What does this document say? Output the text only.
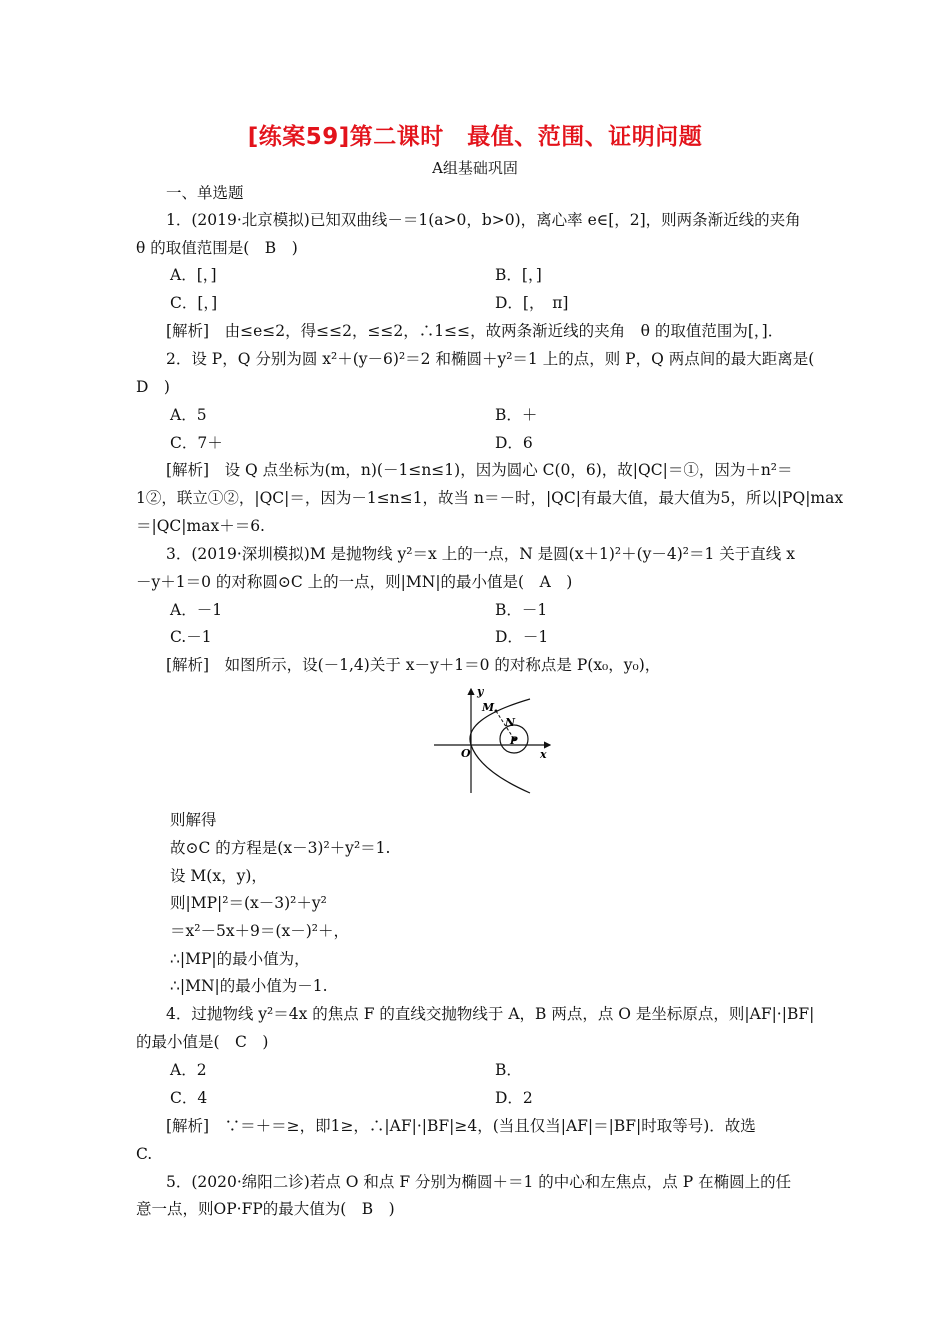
[练案59]第二课时　最值、范围、证明问题
A组基础巩固
一、单选题
1．(2019·北京模拟)已知双曲线－＝1(a>0，b>0)，离心率 e∈[，2]，则两条渐近线的夹角
θ 的取值范围是(　B　)
A．[，]	B．[，]
C．[，]	D．[，　π]
[解析]　由≤e≤2，得≤≤2，≤≤2，∴1≤≤，故两条渐近线的夹角　θ 的取值范围为[，]．
2．设 P，Q 分别为圆 x²＋(y－6)²＝2 和椭圆＋y²＝1 上的点，则 P，Q 两点间的最大距离是(
D　)
A．5	B．＋
C．7＋	D．6
[解析]　设 Q 点坐标为(m，n)(－1≤n≤1)，因为圆心 C(0，6)，故|QC|＝①，因为＋n²＝
1②，联立①②，|QC|＝，因为－1≤n≤1，故当 n＝－时，|QC|有最大值，最大值为5，所以|PQ|max
＝|QC|max＋＝6.
3．(2019·深圳模拟)M 是抛物线 y²＝x 上的一点，N 是圆(x＋1)²＋(y－4)²＝1 关于直线 x
－y＋1＝0 的对称圆⊙C 上的一点，则|MN|的最小值是(　A　)
A．－1	B．－1
C.－1	D．－1
[解析]　如图所示，设(－1,4)关于 x－y＋1＝0 的对称点是 P(x₀，y₀)，
y
x
O
M
N
P
则解得
故⊙C 的方程是(x－3)²＋y²＝1.
设 M(x，y)，
则|MP|²＝(x－3)²＋y²
＝x²－5x＋9＝(x－)²＋，
∴|MP|的最小值为，
∴|MN|的最小值为－1.
4．过抛物线 y²＝4x 的焦点 F 的直线交抛物线于 A，B 两点，点 O 是坐标原点，则|AF|·|BF|
的最小值是(　C　)
A．2	B．
C．4	D．2
[解析]　∵＝＋＝≥，即1≥，∴|AF|·|BF|≥4，(当且仅当|AF|＝|BF|时取等号)．故选
C.
5．(2020·绵阳二诊)若点 O 和点 F 分别为椭圆＋＝1 的中心和左焦点，点 P 在椭圆上的任
意一点，则OP·FP的最大值为(　B　)
